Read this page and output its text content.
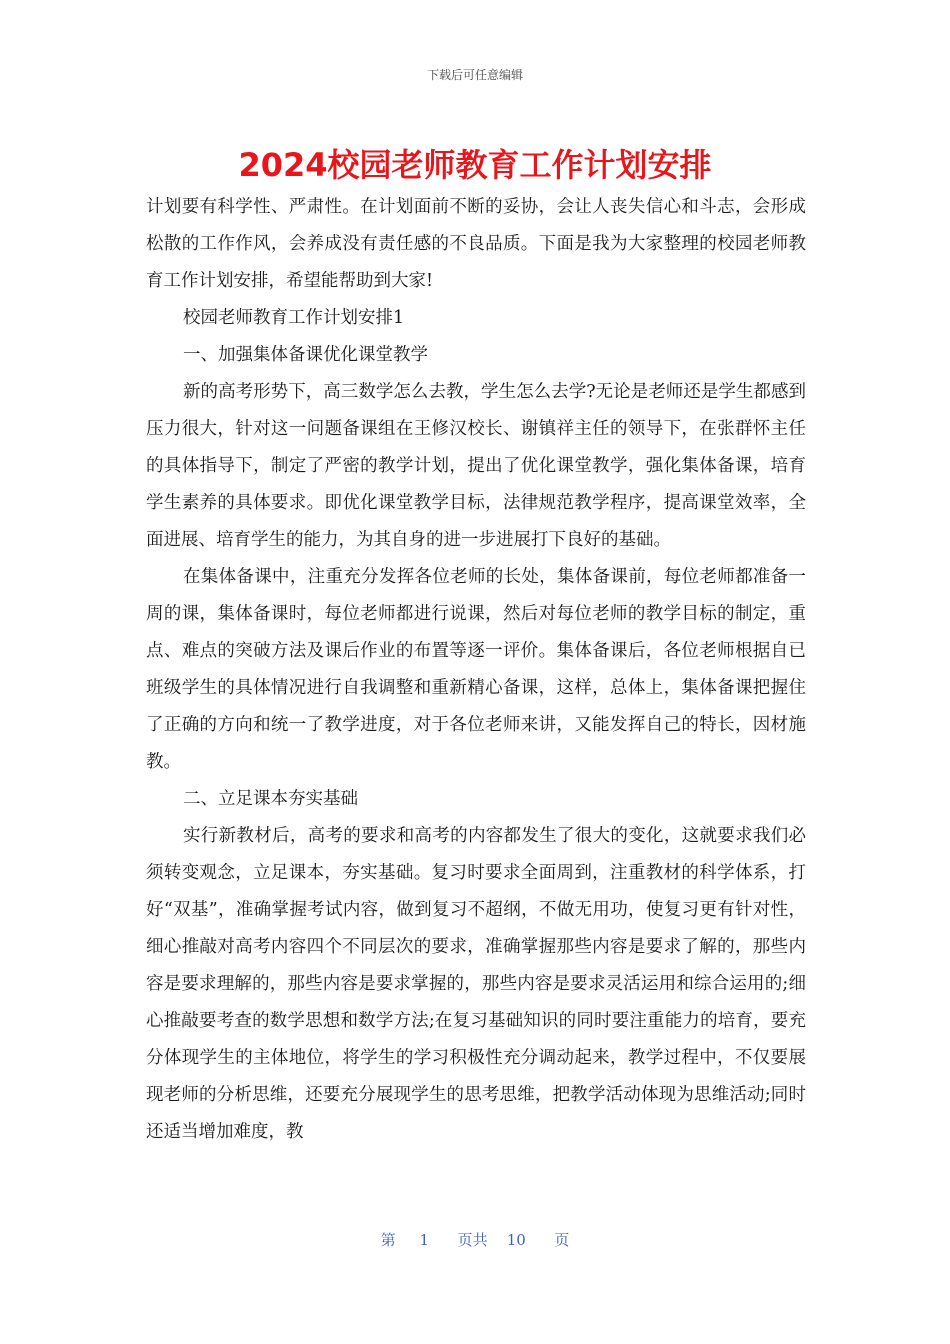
下载后可任意编辑
2024校园老师教育工作计划安排

计划要有科学性、严肃性。在计划面前不断的妥协，会让人丧失信心和斗志，会形成松散的工作作风，会养成没有责任感的不良品质。下面是我为大家整理的校园老师教育工作计划安排，希望能帮助到大家!

校园老师教育工作计划安排1

一、加强集体备课优化课堂教学

新的高考形势下，高三数学怎么去教，学生怎么去学?无论是老师还是学生都感到压力很大，针对这一问题备课组在王修汉校长、谢镇祥主任的领导下，在张群怀主任的具体指导下，制定了严密的教学计划，提出了优化课堂教学，强化集体备课，培育学生素养的具体要求。即优化课堂教学目标，法律规范教学程序，提高课堂效率，全面进展、培育学生的能力，为其自身的进一步进展打下良好的基础。

在集体备课中，注重充分发挥各位老师的长处，集体备课前，每位老师都准备一周的课，集体备课时，每位老师都进行说课，然后对每位老师的教学目标的制定，重点、难点的突破方法及课后作业的布置等逐一评价。集体备课后，各位老师根据自已班级学生的具体情况进行自我调整和重新精心备课，这样，总体上，集体备课把握住了正确的方向和统一了教学进度，对于各位老师来讲，又能发挥自己的特长，因材施教。

二、立足课本夯实基础

实行新教材后，高考的要求和高考的内容都发生了很大的变化，这就要求我们必须转变观念，立足课本，夯实基础。复习时要求全面周到，注重教材的科学体系，打好“双基”，准确掌握考试内容，做到复习不超纲，不做无用功，使复习更有针对性，细心推敲对高考内容四个不同层次的要求，准确掌握那些内容是要求了解的，那些内容是要求理解的，那些内容是要求掌握的，那些内容是要求灵活运用和综合运用的;细心推敲要考查的数学思想和数学方法;在复习基础知识的同时要注重能力的培育，要充分体现学生的主体地位，将学生的学习积极性充分调动起来，教学过程中，不仅要展现老师的分析思维，还要充分展现学生的思考思维，把教学活动体现为思维活动;同时还适当增加难度，教

第 1 页共 10 页
